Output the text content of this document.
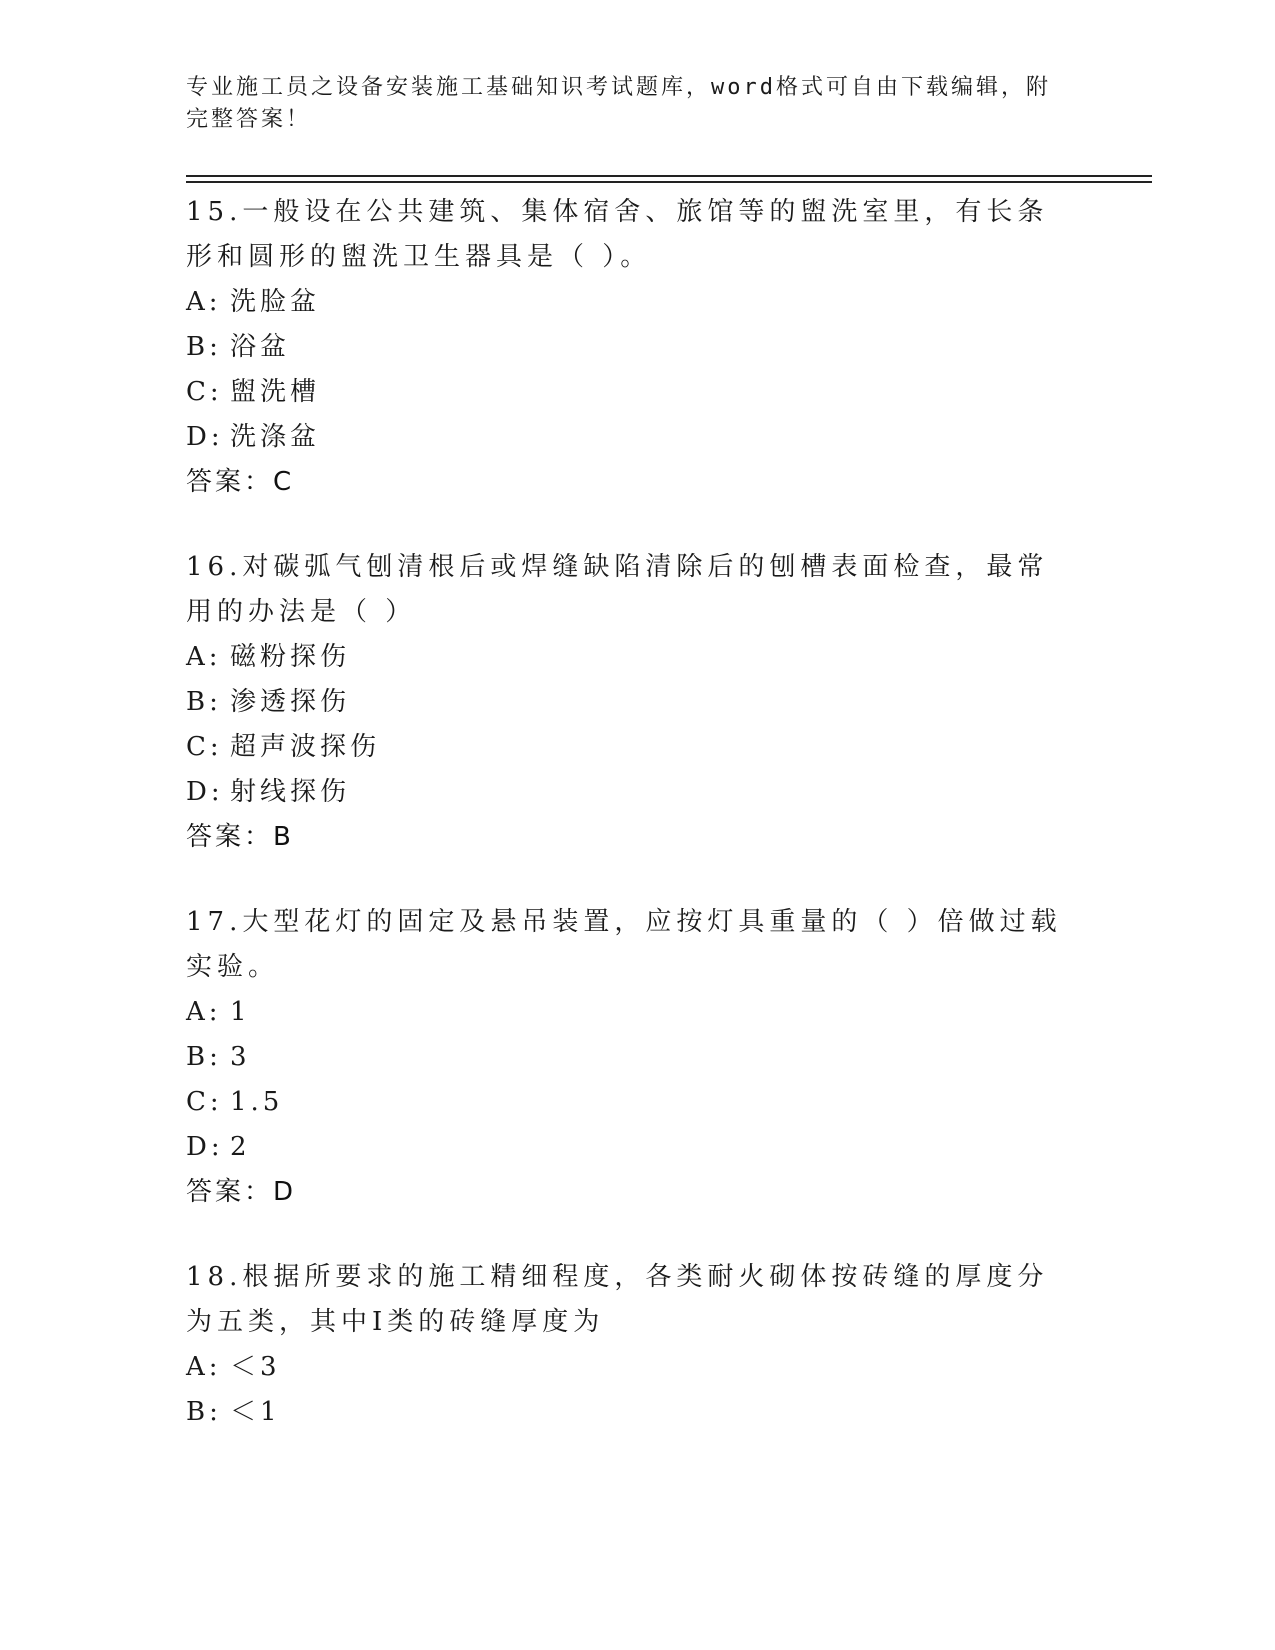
专业施工员之设备安装施工基础知识考试题库，word格式可自由下载编辑，附完整答案！
15.一般设在公共建筑、集体宿舍、旅馆等的盥洗室里，有长条形和圆形的盥洗卫生器具是（ ）。
A: 洗脸盆
B: 浴盆
C: 盥洗槽
D: 洗涤盆
答案：C
16.对碳弧气刨清根后或焊缝缺陷清除后的刨槽表面检查，最常用的办法是（ ）
A: 磁粉探伤
B: 渗透探伤
C: 超声波探伤
D: 射线探伤
答案：B
17.大型花灯的固定及悬吊装置，应按灯具重量的（ ）倍做过载实验。
A: 1
B: 3
C: 1.5
D: 2
答案：D
18.根据所要求的施工精细程度，各类耐火砌体按砖缝的厚度分为五类，其中Ⅰ类的砖缝厚度为
A: ＜3
B: ＜1
